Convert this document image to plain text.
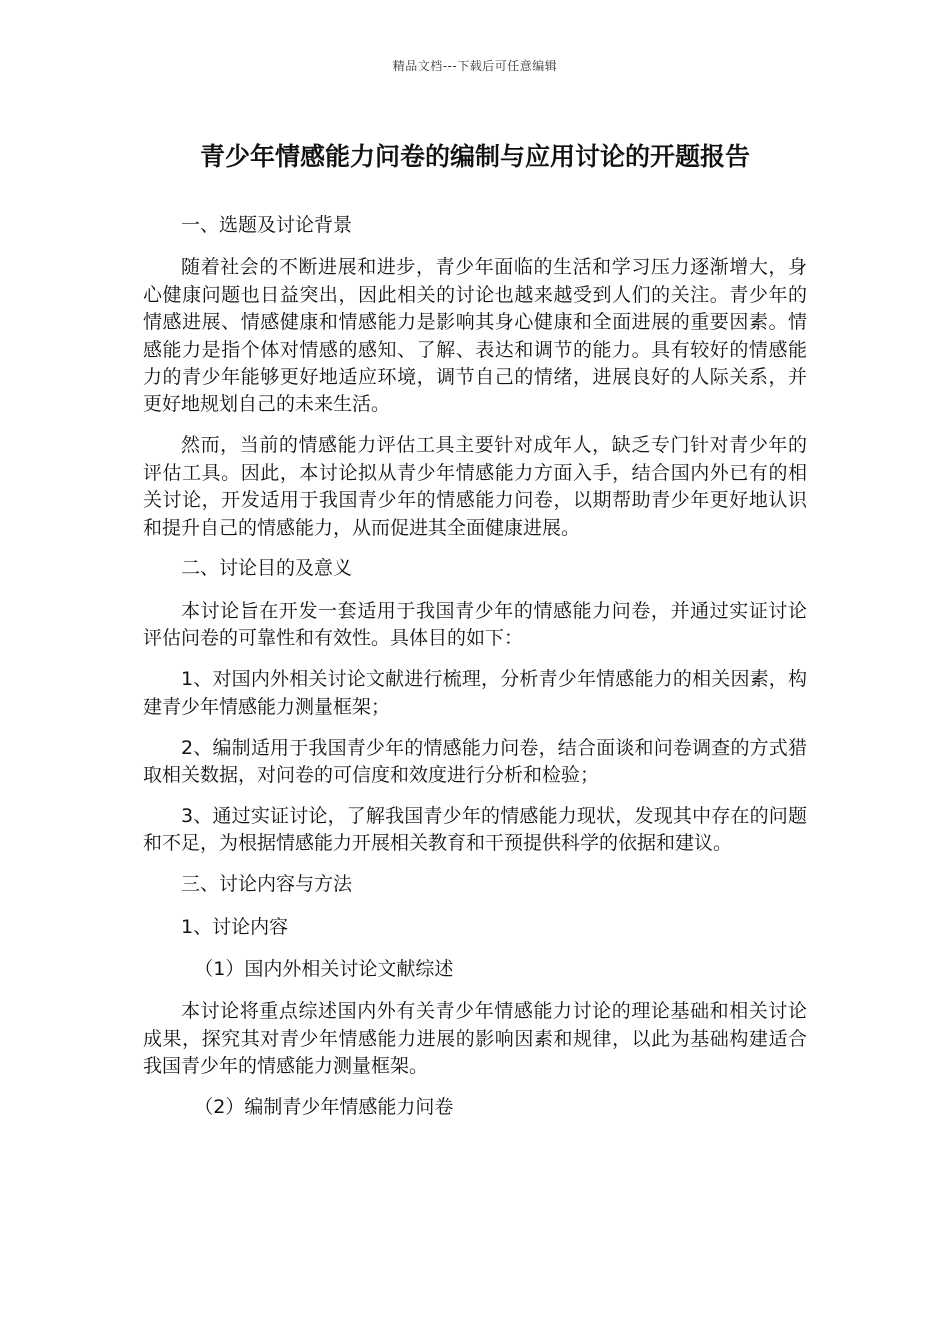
精品文档---下载后可任意编辑
青少年情感能力问卷的编制与应用讨论的开题报告

一、选题及讨论背景

随着社会的不断进展和进步，青少年面临的生活和学习压力逐渐增大，身心健康问题也日益突出，因此相关的讨论也越来越受到人们的关注。青少年的情感进展、情感健康和情感能力是影响其身心健康和全面进展的重要因素。情感能力是指个体对情感的感知、了解、表达和调节的能力。具有较好的情感能力的青少年能够更好地适应环境，调节自己的情绪，进展良好的人际关系，并更好地规划自己的未来生活。

然而，当前的情感能力评估工具主要针对成年人，缺乏专门针对青少年的评估工具。因此，本讨论拟从青少年情感能力方面入手，结合国内外已有的相关讨论，开发适用于我国青少年的情感能力问卷，以期帮助青少年更好地认识和提升自己的情感能力，从而促进其全面健康进展。

二、讨论目的及意义

本讨论旨在开发一套适用于我国青少年的情感能力问卷，并通过实证讨论评估问卷的可靠性和有效性。具体目的如下：

1、对国内外相关讨论文献进行梳理，分析青少年情感能力的相关因素，构建青少年情感能力测量框架；

2、编制适用于我国青少年的情感能力问卷，结合面谈和问卷调查的方式猎取相关数据，对问卷的可信度和效度进行分析和检验；

3、通过实证讨论，了解我国青少年的情感能力现状，发现其中存在的问题和不足，为根据情感能力开展相关教育和干预提供科学的依据和建议。

三、讨论内容与方法

1、讨论内容

（1）国内外相关讨论文献综述

本讨论将重点综述国内外有关青少年情感能力讨论的理论基础和相关讨论成果，探究其对青少年情感能力进展的影响因素和规律，以此为基础构建适合我国青少年的情感能力测量框架。

（2）编制青少年情感能力问卷
